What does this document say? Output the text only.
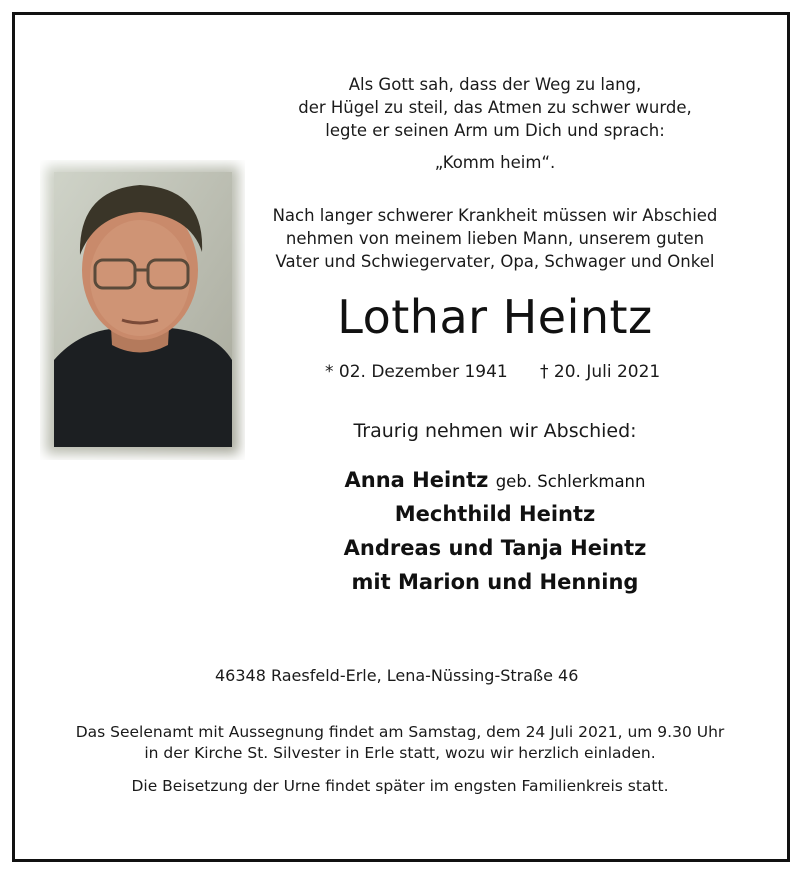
Als Gott sah, dass der Weg zu lang,
der Hügel zu steil, das Atmen zu schwer wurde,
legte er seinen Arm um Dich und sprach:
„Komm heim“.
Nach langer schwerer Krankheit müssen wir Abschied
nehmen von meinem lieben Mann, unserem guten
Vater und Schwiegervater, Opa, Schwager und Onkel
Lothar Heintz
* 02. Dezember 1941 † 20. Juli 2021
Traurig nehmen wir Abschied:
Anna Heintz geb. Schlerkmann
Mechthild Heintz
Andreas und Tanja Heintz
mit Marion und Henning
46348 Raesfeld-Erle, Lena-Nüssing-Straße 46
Das Seelenamt mit Aussegnung findet am Samstag, dem 24 Juli 2021, um 9.30 Uhr
in der Kirche St. Silvester in Erle statt, wozu wir herzlich einladen.
Die Beisetzung der Urne findet später im engsten Familienkreis statt.
